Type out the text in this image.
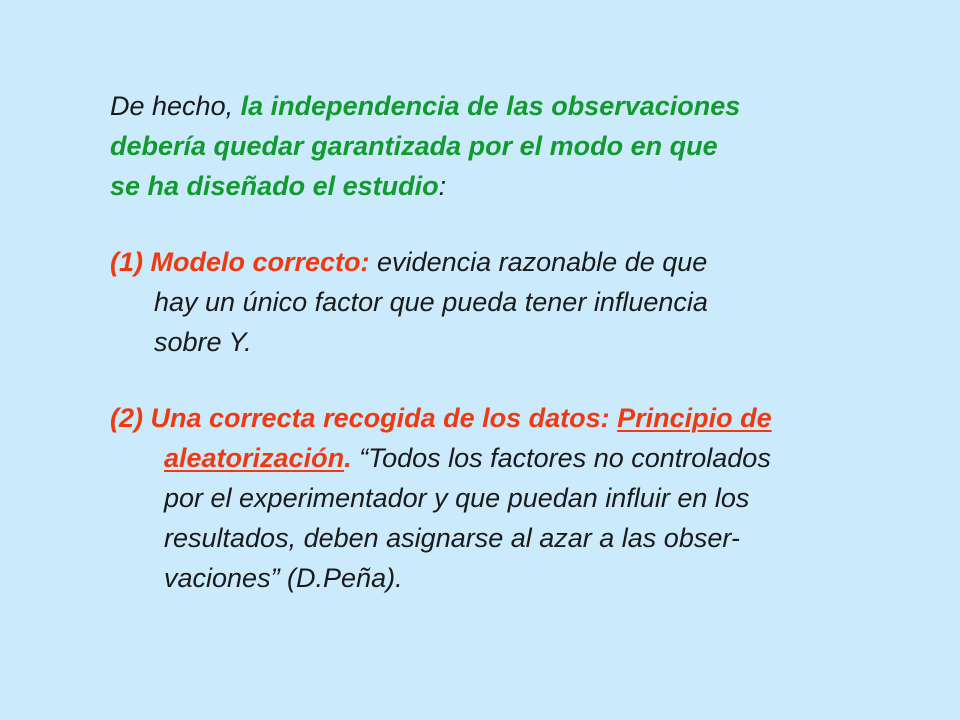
De hecho, la independencia de las observaciones
debería quedar garantizada por el modo en que
se ha diseñado el estudio:
(1) Modelo correcto: evidencia razonable de que
hay un único factor que pueda tener influencia
sobre Y.
(2) Una correcta recogida de los datos: Principio de
aleatorización. “Todos los factores no controlados
por el experimentador y que puedan influir en los
resultados, deben asignarse al azar a las obser-
vaciones” (D.Peña).
